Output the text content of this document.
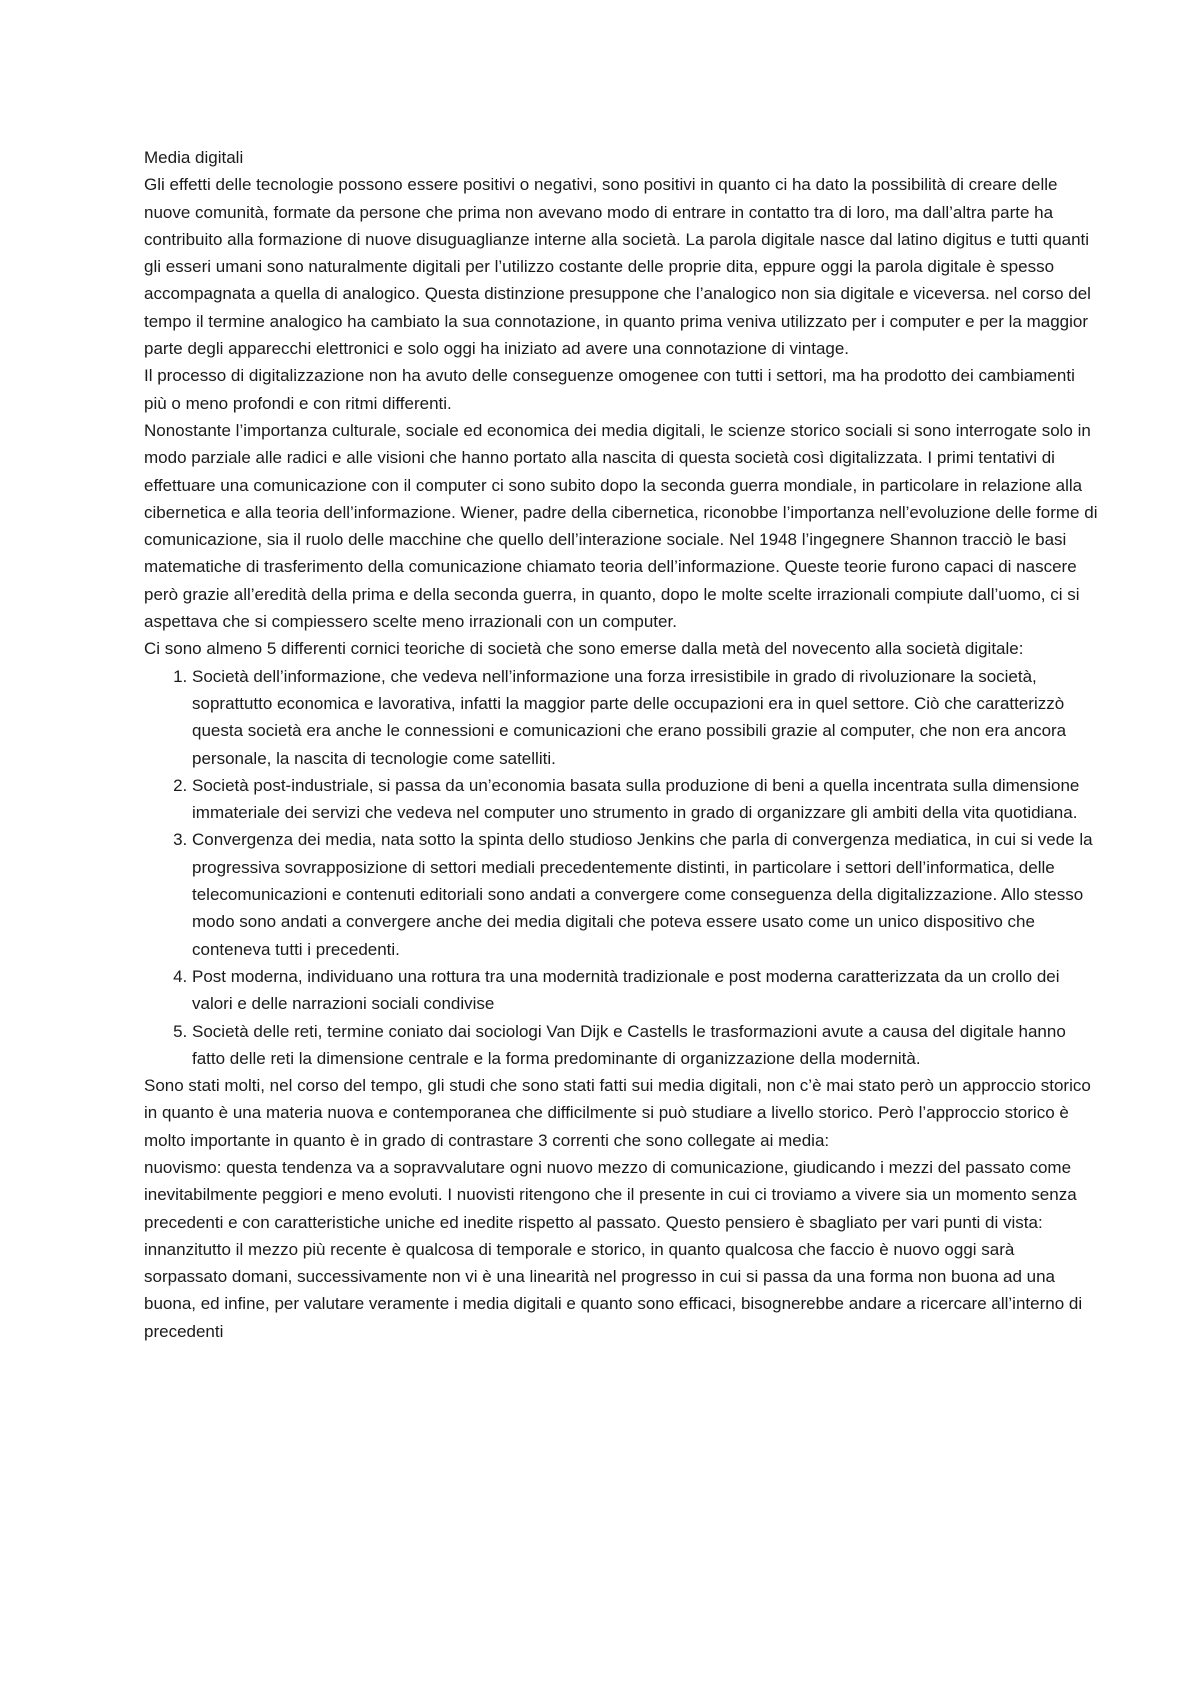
Media digitali

Gli effetti delle tecnologie possono essere positivi o negativi, sono positivi in quanto ci ha dato la possibilità di creare delle nuove comunità, formate da persone che prima non avevano modo di entrare in contatto tra di loro, ma dall’altra parte ha contribuito alla formazione di nuove disuguaglianze interne alla società. La parola digitale nasce dal latino digitus e tutti quanti gli esseri umani sono naturalmente digitali per l’utilizzo costante delle proprie dita, eppure oggi la parola digitale è spesso accompagnata a quella di analogico. Questa distinzione presuppone che l’analogico non sia digitale e viceversa. nel corso del tempo il termine analogico ha cambiato la sua connotazione, in quanto prima veniva utilizzato per i computer e per la maggior parte degli apparecchi elettronici e solo oggi ha iniziato ad avere una connotazione di vintage.

Il processo di digitalizzazione non ha avuto delle conseguenze omogenee con tutti i settori, ma ha prodotto dei cambiamenti più o meno profondi e con ritmi differenti.

Nonostante l’importanza culturale, sociale ed economica dei media digitali, le scienze storico sociali si sono interrogate solo in modo parziale alle radici e alle visioni che hanno portato alla nascita di questa società così digitalizzata. I primi tentativi di effettuare una comunicazione con il computer ci sono subito dopo la seconda guerra mondiale, in particolare in relazione alla cibernetica e alla teoria dell’informazione. Wiener, padre della cibernetica, riconobbe l’importanza nell’evoluzione delle forme di comunicazione, sia il ruolo delle macchine che quello dell’interazione sociale. Nel 1948 l’ingegnere Shannon tracciò le basi matematiche di trasferimento della comunicazione chiamato teoria dell’informazione. Queste teorie furono capaci di nascere però grazie all’eredità della prima e della seconda guerra, in quanto, dopo le molte scelte irrazionali compiute dall’uomo, ci si aspettava che si compiessero scelte meno irrazionali con un computer.

Ci sono almeno 5 differenti cornici teoriche di società che sono emerse dalla metà del novecento alla società digitale:

1. Società dell’informazione, che vedeva nell’informazione una forza irresistibile in grado di rivoluzionare la società, soprattutto economica e lavorativa, infatti la maggior parte delle occupazioni era in quel settore. Ciò che caratterizzò questa società era anche le connessioni e comunicazioni che erano possibili grazie al computer, che non era ancora personale, la nascita di tecnologie come satelliti.
2. Società post-industriale, si passa da un’economia basata sulla produzione di beni a quella incentrata sulla dimensione immateriale dei servizi che vedeva nel computer uno strumento in grado di organizzare gli ambiti della vita quotidiana.
3. Convergenza dei media, nata sotto la spinta dello studioso Jenkins che parla di convergenza mediatica, in cui si vede la progressiva sovrapposizione di settori mediali precedentemente distinti, in particolare i settori dell’informatica, delle telecomunicazioni e contenuti editoriali sono andati a convergere come conseguenza della digitalizzazione. Allo stesso modo sono andati a convergere anche dei media digitali che poteva essere usato come un unico dispositivo che conteneva tutti i precedenti.
4. Post moderna, individuano una rottura tra una modernità tradizionale e post moderna caratterizzata da un crollo dei valori e delle narrazioni sociali condivise
5. Società delle reti, termine coniato dai sociologi Van Dijk e Castells le trasformazioni avute a causa del digitale hanno fatto delle reti la dimensione centrale e la forma predominante di organizzazione della modernità.

Sono stati molti, nel corso del tempo, gli studi che sono stati fatti sui media digitali, non c’è mai stato però un approccio storico in quanto è una materia nuova e contemporanea che difficilmente si può studiare a livello storico. Però l’approccio storico è molto importante in quanto è in grado di contrastare 3 correnti che sono collegate ai media:

nuovismo: questa tendenza va a sopravvalutare ogni nuovo mezzo di comunicazione, giudicando i mezzi del passato come inevitabilmente peggiori e meno evoluti. I nuovisti ritengono che il presente in cui ci troviamo a vivere sia un momento senza precedenti e con caratteristiche uniche ed inedite rispetto al passato. Questo pensiero è sbagliato per vari punti di vista: innanzitutto il mezzo più recente è qualcosa di temporale e storico, in quanto qualcosa che faccio è nuovo oggi sarà sorpassato domani, successivamente non vi è una linearità nel progresso in cui si passa da una forma non buona ad una buona, ed infine, per valutare veramente i media digitali e quanto sono efficaci, bisognerebbe andare a ricercare all’interno di precedenti
